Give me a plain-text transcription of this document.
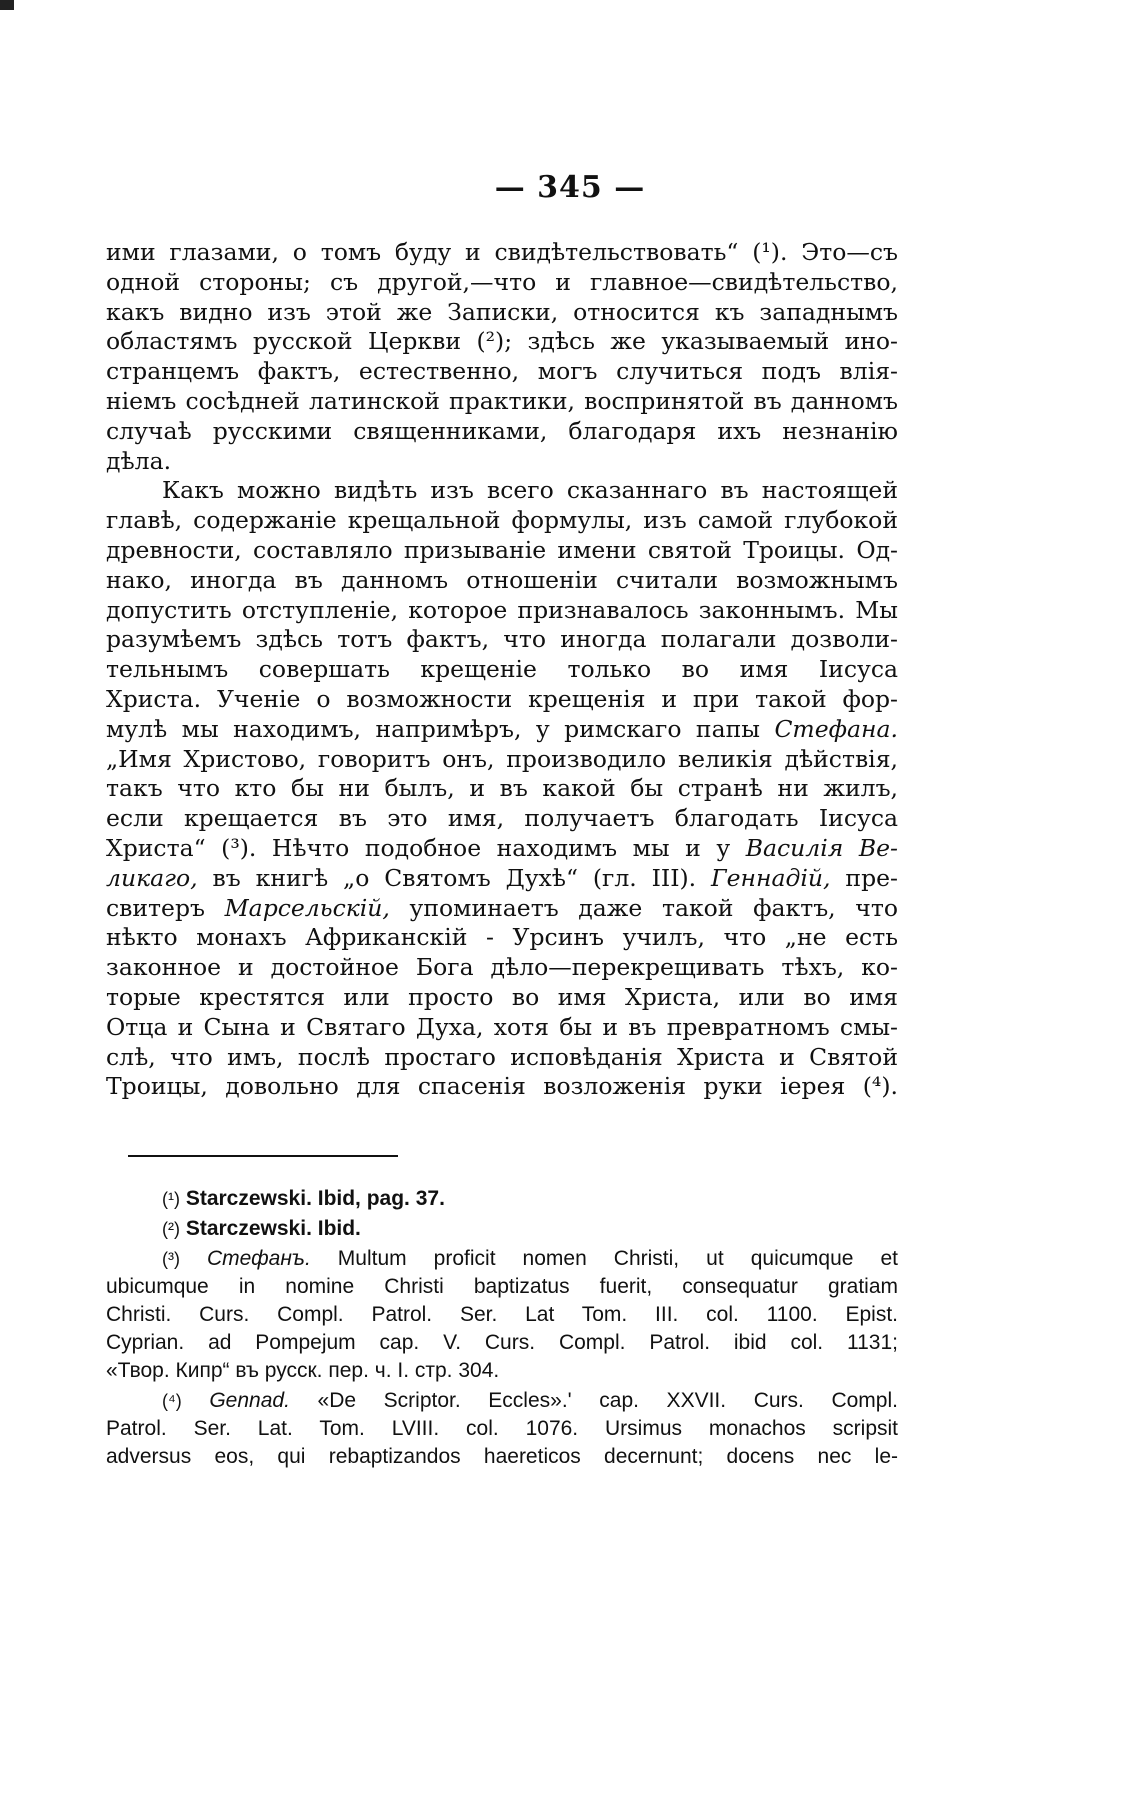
— 345 —
ими глазами, о томъ буду и свидѣтельствовать“ (¹). Это—съ
одной стороны; съ другой,—что и главное—свидѣтельство,
какъ видно изъ этой же Записки, относится къ западнымъ
областямъ русской Церкви (²); здѣсь же указываемый ино-
странцемъ фактъ, естественно, могъ случиться подъ влія-
ніемъ сосѣдней латинской практики, воспринятой въ данномъ
случаѣ русскими священниками, благодаря ихъ незнанію
дѣла.
Какъ можно видѣть изъ всего сказаннаго въ настоящей
главѣ, содержаніе крещальной формулы, изъ самой глубокой
древности, составляло призываніе имени святой Троицы. Од-
нако, иногда въ данномъ отношеніи считали возможнымъ
допустить отступленіе, которое признавалось законнымъ. Мы
разумѣемъ здѣсь тотъ фактъ, что иногда полагали дозволи-
тельнымъ совершать крещеніе только во имя Іисуса
Христа. Ученіе о возможности крещенія и при такой фор-
мулѣ мы находимъ, напримѣръ, у римскаго папы Стефана.
„Имя Христово, говоритъ онъ, производило великія дѣйствія,
такъ что кто бы ни былъ, и въ какой бы странѣ ни жилъ,
если крещается въ это имя, получаетъ благодать Іисуса
Христа“ (³). Нѣчто подобное находимъ мы и у Василія Ве-
ликаго, въ книгѣ „о Святомъ Духѣ“ (гл. III). Геннадій, пре-
свитеръ Марсельскій, упоминаетъ даже такой фактъ, что
нѣкто монахъ Африканскій - Урсинъ училъ, что „не есть
законное и достойное Бога дѣло—перекрещивать тѣхъ, ко-
торые крестятся или просто во имя Христа, или во имя
Отца и Сына и Святаго Духа, хотя бы и въ превратномъ смы-
слѣ, что имъ, послѣ простаго исповѣданія Христа и Святой
Троицы, довольно для спасенія возложенія руки іерея (⁴).
(¹) Starczewski. Ibid, pag. 37.
(²) Starczewski. Ibid.
(³) Стефанъ. Multum proficit nomen Christi, ut quicumque et
ubicumque in nomine Christi baptizatus fuerit, consequatur gratiam
Christi. Curs. Compl. Patrol. Ser. Lat Tom. III. col. 1100. Epist.
Cyprian. ad Pompejum cap. V. Curs. Compl. Patrol. ibid col. 1131;
«Твор. Кипр“ въ русск. пер. ч. I. стр. 304.
(⁴) Gennad. «De Scriptor. Eccles».' cap. XXVII. Curs. Compl.
Patrol. Ser. Lat. Tom. LVIII. col. 1076. Ursimus monachos scripsit
adversus eos, qui rebaptizandos haereticos decernunt; docens nec le-
